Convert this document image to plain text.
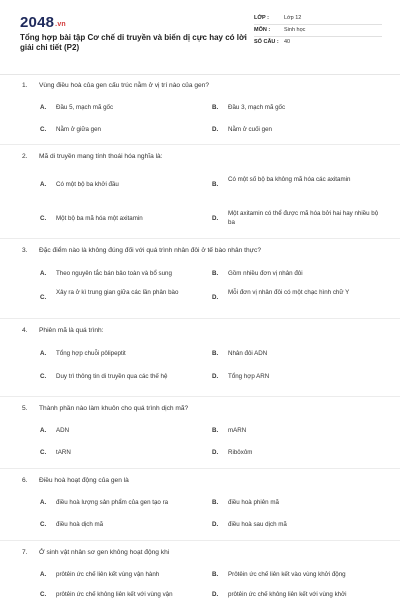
2048.vn
Tổng hợp bài tập Cơ chế di truyền và biến dị cực hay có lời giải chi tiết (P2)
LỚP :	Lớp 12
MÔN :	Sinh học
SỐ CÂU : 40
1. Vùng điều hoà của gen cấu trúc nằm ở vị trí nào của gen?
A. Đầu 5, mạch mã gốc	B. Đầu 3, mạch mã gốc
C. Nằm ở giữa gen	D. Nằm ở cuối gen
2. Mã di truyền mang tính thoái hóa nghĩa là:
A. Có một bộ ba khởi đầu	B.
Có một số bộ ba không mã hóa các axitamin
C. Một bộ ba mã hóa một axitamin	D.
Một axitamin có thể được mã hóa bởi hai hay nhiều bộ ba
3. Đặc điểm nào là không đúng đối với quá trình nhân đôi ở tế bào nhân thực?
A. Theo nguyên tắc bán bảo toàn và bổ sung	B. Gồm nhiều đơn vị nhân đôi
C.
Xảy ra ở kì trung gian giữa các lần phân bào
D.
Mỗi đơn vị nhân đôi có một chạc hình chữ Y
4. Phiên mã là quá trình:
A. Tổng hợp chuỗi pôlipeptit	B. Nhân đôi ADN
C. Duy trì thông tin di truyền qua các thế hệ	D. Tổng hợp ARN
5. Thành phần nào làm khuôn cho quá trình dịch mã?
A. ADN	B. mARN
C. tARN	D. Ribôxôm
6. Điều hoà hoạt động của gen là
A. điều hoà lượng sản phẩm của gen tạo ra	B. điều hoà phiên mã
C. điều hoà dịch mã	D. điều hoà sau dịch mã
7. Ở sinh vật nhân sơ gen không hoạt động khi
A. prôtêin ức chế liên kết vùng vận hành	B. Prôtêin ức chế liên kết vào vùng khởi động
C. prôtêin ức chế không liên kết với vùng vận	D. prôtêin ức chế không liên kết với vùng khởi
